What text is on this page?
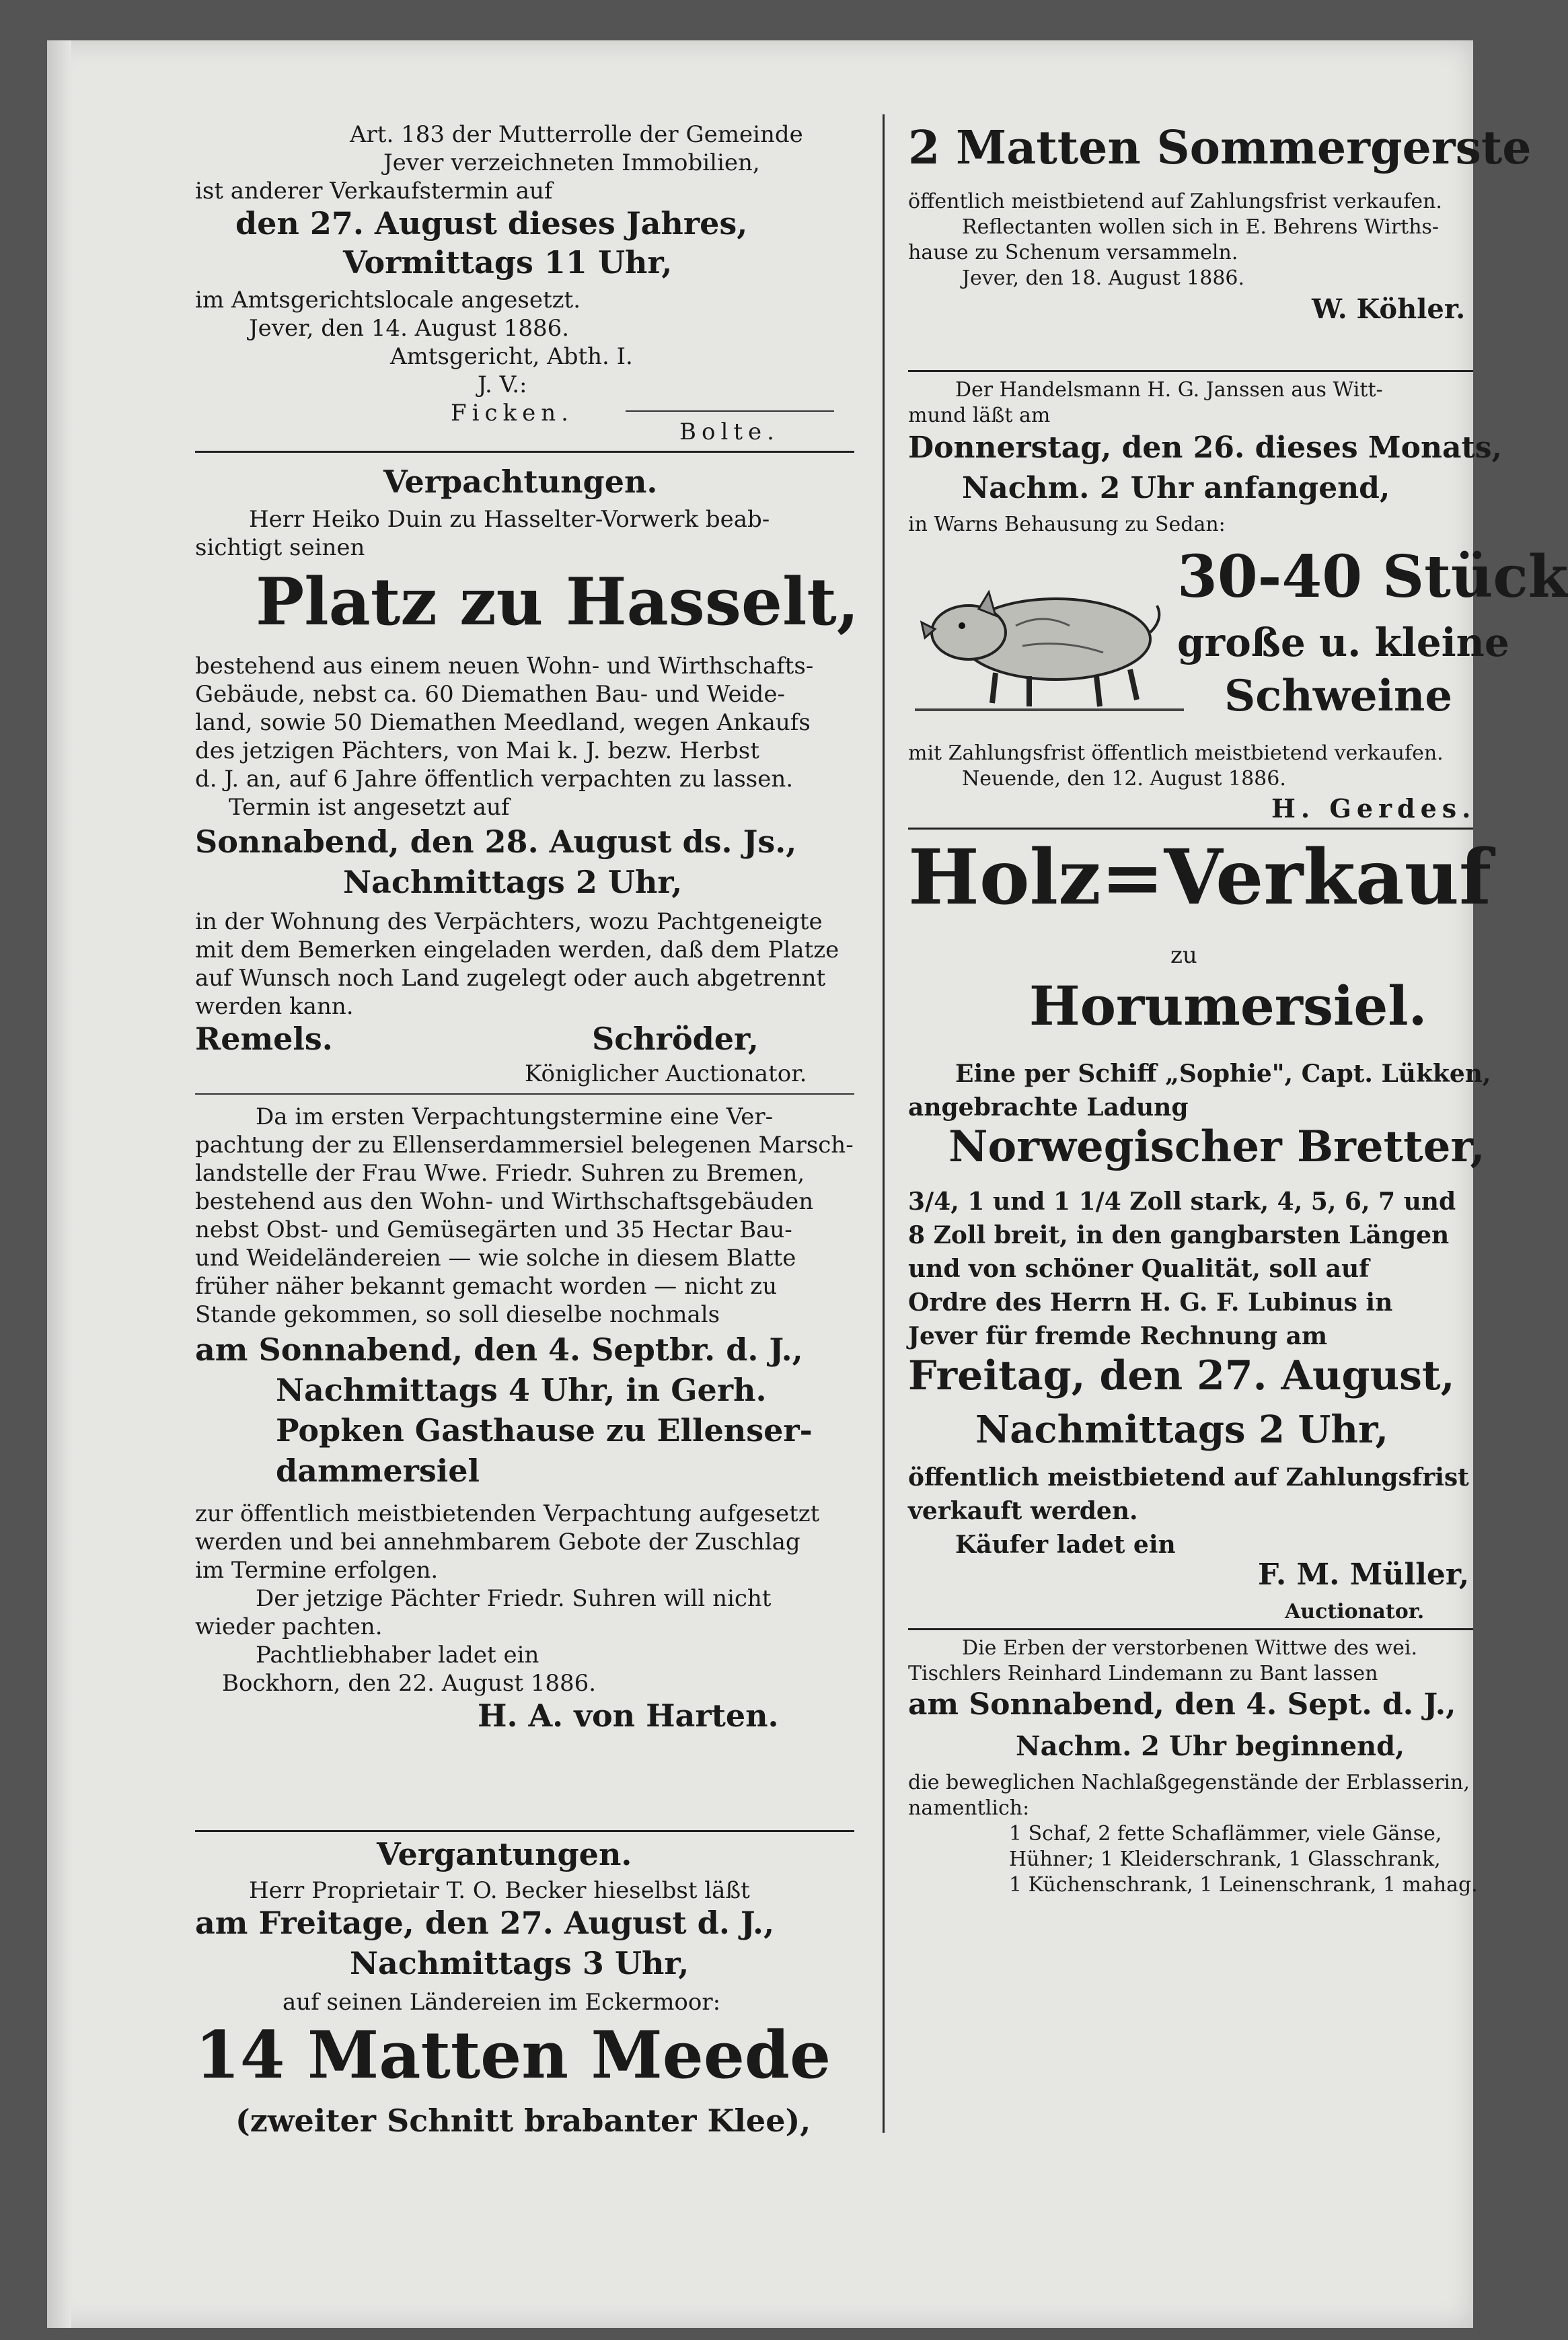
Art. 183 der Mutterrolle der Gemeinde
Jever verzeichneten Immobilien,
ist anderer Verkaufstermin auf
den 27. August dieses Jahres,
Vormittags 11 Uhr,
im Amtsgerichtslocale angesetzt.
Jever, den 14. August 1886.
Amtsgericht, Abth. I.
J. V.:
Ficken.
Bolte.
Verpachtungen.
Herr Heiko Duin zu Hasselter-Vorwerk beab-
sichtigt seinen
Platz zu Hasselt,
bestehend aus einem neuen Wohn- und Wirthschafts-
Gebäude, nebst ca. 60 Diemathen Bau- und Weide-
land, sowie 50 Diemathen Meedland, wegen Ankaufs
des jetzigen Pächters, von Mai k. J. bezw. Herbst
d. J. an, auf 6 Jahre öffentlich verpachten zu lassen.
Termin ist angesetzt auf
Sonnabend, den 28. August ds. Js.,
Nachmittags 2 Uhr,
in der Wohnung des Verpächters, wozu Pachtgeneigte
mit dem Bemerken eingeladen werden, daß dem Platze
auf Wunsch noch Land zugelegt oder auch abgetrennt
werden kann.
Remels.	Schröder,
Königlicher Auctionator.
Da im ersten Verpachtungstermine eine Ver-
pachtung der zu Ellenserdammersiel belegenen Marsch-
landstelle der Frau Wwe. Friedr. Suhren zu Bremen,
bestehend aus den Wohn- und Wirthschaftsgebäuden
nebst Obst- und Gemüsegärten und 35 Hectar Bau-
und Weideländereien — wie solche in diesem Blatte
früher näher bekannt gemacht worden — nicht zu
Stande gekommen, so soll dieselbe nochmals
am Sonnabend, den 4. Septbr. d. J.,
Nachmittags 4 Uhr, in Gerh.
Popken Gasthause zu Ellenser-
dammersiel
zur öffentlich meistbietenden Verpachtung aufgesetzt
werden und bei annehmbarem Gebote der Zuschlag
im Termine erfolgen.
Der jetzige Pächter Friedr. Suhren will nicht
wieder pachten.
Pachtliebhaber ladet ein
Bockhorn, den 22. August 1886.
H. A. von Harten.
Vergantungen.
Herr Proprietair T. O. Becker hieselbst läßt
am Freitage, den 27. August d. J.,
Nachmittags 3 Uhr,
auf seinen Ländereien im Eckermoor:
14 Matten Meede
(zweiter Schnitt brabanter Klee),
2 Matten Sommergerste
öffentlich meistbietend auf Zahlungsfrist verkaufen.
Reflectanten wollen sich in E. Behrens Wirths-
hause zu Schenum versammeln.
Jever, den 18. August 1886.
W. Köhler.
Der Handelsmann H. G. Janssen aus Witt-
mund läßt am
Donnerstag, den 26. dieses Monats,
Nachm. 2 Uhr anfangend,
in Warns Behausung zu Sedan:
30-40 Stück
große u. kleine
Schweine
mit Zahlungsfrist öffentlich meistbietend verkaufen.
Neuende, den 12. August 1886.
H. Gerdes.
Holz=Verkauf
zu
Horumersiel.
Eine per Schiff „Sophie", Capt. Lükken,
angebrachte Ladung
Norwegischer Bretter,
3/4, 1 und 1 1/4 Zoll stark, 4, 5, 6, 7 und
8 Zoll breit, in den gangbarsten Längen
und von schöner Qualität, soll auf
Ordre des Herrn H. G. F. Lubinus in
Jever für fremde Rechnung am
Freitag, den 27. August,
Nachmittags 2 Uhr,
öffentlich meistbietend auf Zahlungsfrist
verkauft werden.
Käufer ladet ein
F. M. Müller,
Auctionator.
Die Erben der verstorbenen Wittwe des wei.
Tischlers Reinhard Lindemann zu Bant lassen
am Sonnabend, den 4. Sept. d. J.,
Nachm. 2 Uhr beginnend,
die beweglichen Nachlaßgegenstände der Erblasserin,
namentlich:
1 Schaf, 2 fette Schaflämmer, viele Gänse,
Hühner; 1 Kleiderschrank, 1 Glasschrank,
1 Küchenschrank, 1 Leinenschrank, 1 mahag.
